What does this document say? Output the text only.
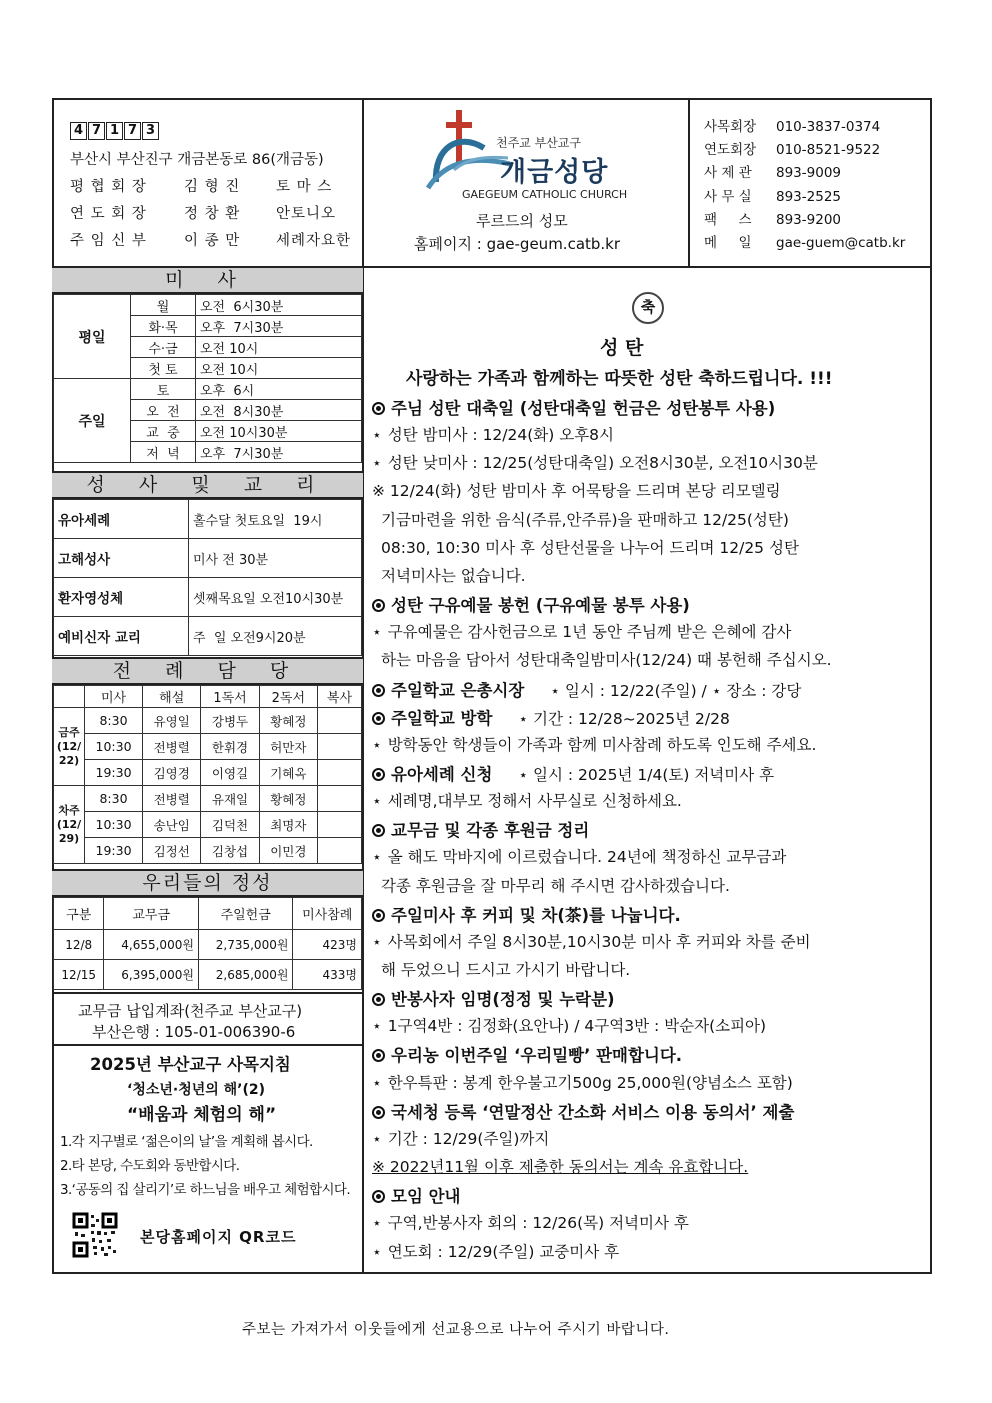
4 7 1 7 3
부산시 부산진구 개금본동로 86(개금동)
평 협 회 장	김 형 진 토 마 스
연 도 회 장	정 창 환 안토니오
주 임 신 부	이 종 만 세례자요한
천주교 부산교구
개금성당
GAEGEUM CATHOLIC CHURCH
루르드의 성모
홈페이지 : gae-geum.catb.kr
사목회장 010-3837-0374
연도회장 010-8521-9522
사 제 관 893-9009
사 무 실 893-2525
팩     스 893-9200
메     일 gae-guem@catb.kr
미 사
평일	월	오전  6시30분
	화·목	오후  7시30분
	수·금	오전 10시
	첫 토	오전 10시
주일	토	오후  6시
	오  전	오전  8시30분
	교  중	오전 10시30분
	저  녁	오후  7시30분
성 사 및 교 리
유아세례	홀수달 첫토요일  19시
고해성사	미사 전 30분
환자영성체	셋째목요일 오전10시30분
예비신자 교리	주  일 오전9시20분
전 례 담 당
	미사	해설	1독서	2독서	복사
금주(12/22)	8:30	유영일	강병두	황혜정	
	10:30	전병렬	한휘경	허만자	
	19:30	김영경	이영길	기혜옥	
차주(12/29)	8:30	전병렬	유재일	황혜정	
	10:30	송난임	김덕천	최명자	
	19:30	김정선	김창섭	이민경	
우리들의 정성
구분	교무금	주일헌금	미사참례
12/8	4,655,000원	2,735,000원	423명
12/15	6,395,000원	2,685,000원	433명
교무금 납입계좌(천주교 부산교구)
부산은행 : 105-01-006390-6
2025년 부산교구 사목지침
‘청소년·청년의 해’(2)
“배움과 체험의 해”
1.각 지구별로 ‘젊은이의 날’을 계획해 봅시다.
2.타 본당, 수도회와 동반합시다.
3.‘공동의 집 살리기’로 하느님을 배우고 체험합시다.
본당홈페이지 QR코드
축
성 탄
사랑하는 가족과 함께하는 따뜻한 성탄 축하드립니다. !!!
주님 성탄 대축일 (성탄대축일 헌금은 성탄봉투 사용)
⋆ 성탄 밤미사 : 12/24(화) 오후8시
⋆ 성탄 낮미사 : 12/25(성탄대축일) 오전8시30분, 오전10시30분
※ 12/24(화) 성탄 밤미사 후 어묵탕을 드리며 본당 리모델링
기금마련을 위한 음식(주류,안주류)을 판매하고 12/25(성탄)
08:30, 10:30 미사 후 성탄선물을 나누어 드리며 12/25 성탄
저녁미사는 없습니다.
성탄 구유예물 봉헌 (구유예물 봉투 사용)
⋆ 구유예물은 감사헌금으로 1년 동안 주님께 받은 은혜에 감사
하는 마음을 담아서 성탄대축일밤미사(12/24) 때 봉헌해 주십시오.
주일학교 은총시장 ⋆ 일시 : 12/22(주일) / ⋆ 장소 : 강당
주일학교 방학 ⋆ 기간 : 12/28~2025년 2/28
⋆ 방학동안 학생들이 가족과 함께 미사참례 하도록 인도해 주세요.
유아세례 신청 ⋆ 일시 : 2025년 1/4(토) 저녁미사 후
⋆ 세례명,대부모 정해서 사무실로 신청하세요.
교무금 및 각종 후원금 정리
⋆ 올 해도 막바지에 이르렀습니다. 24년에 책정하신 교무금과
각종 후원금을 잘 마무리 해 주시면 감사하겠습니다.
주일미사 후 커피 및 차(茶)를 나눕니다.
⋆ 사목회에서 주일 8시30분,10시30분 미사 후 커피와 차를 준비
해 두었으니 드시고 가시기 바랍니다.
반봉사자 임명(정정 및 누락분)
⋆ 1구역4반 : 김정화(요안나) / 4구역3반 : 박순자(소피아)
우리농 이번주일 ‘우리밀빵’ 판매합니다.
⋆ 한우특판 : 봉계 한우불고기500g 25,000원(양념소스 포함)
국세청 등록 ‘연말정산 간소화 서비스 이용 동의서’ 제출
⋆ 기간 : 12/29(주일)까지
※ 2022년11월 이후 제출한 동의서는 계속 유효합니다.
모임 안내
⋆ 구역,반봉사자 회의 : 12/26(목) 저녁미사 후
⋆ 연도회 : 12/29(주일) 교중미사 후
주보는 가져가서 이웃들에게 선교용으로 나누어 주시기 바랍니다.
